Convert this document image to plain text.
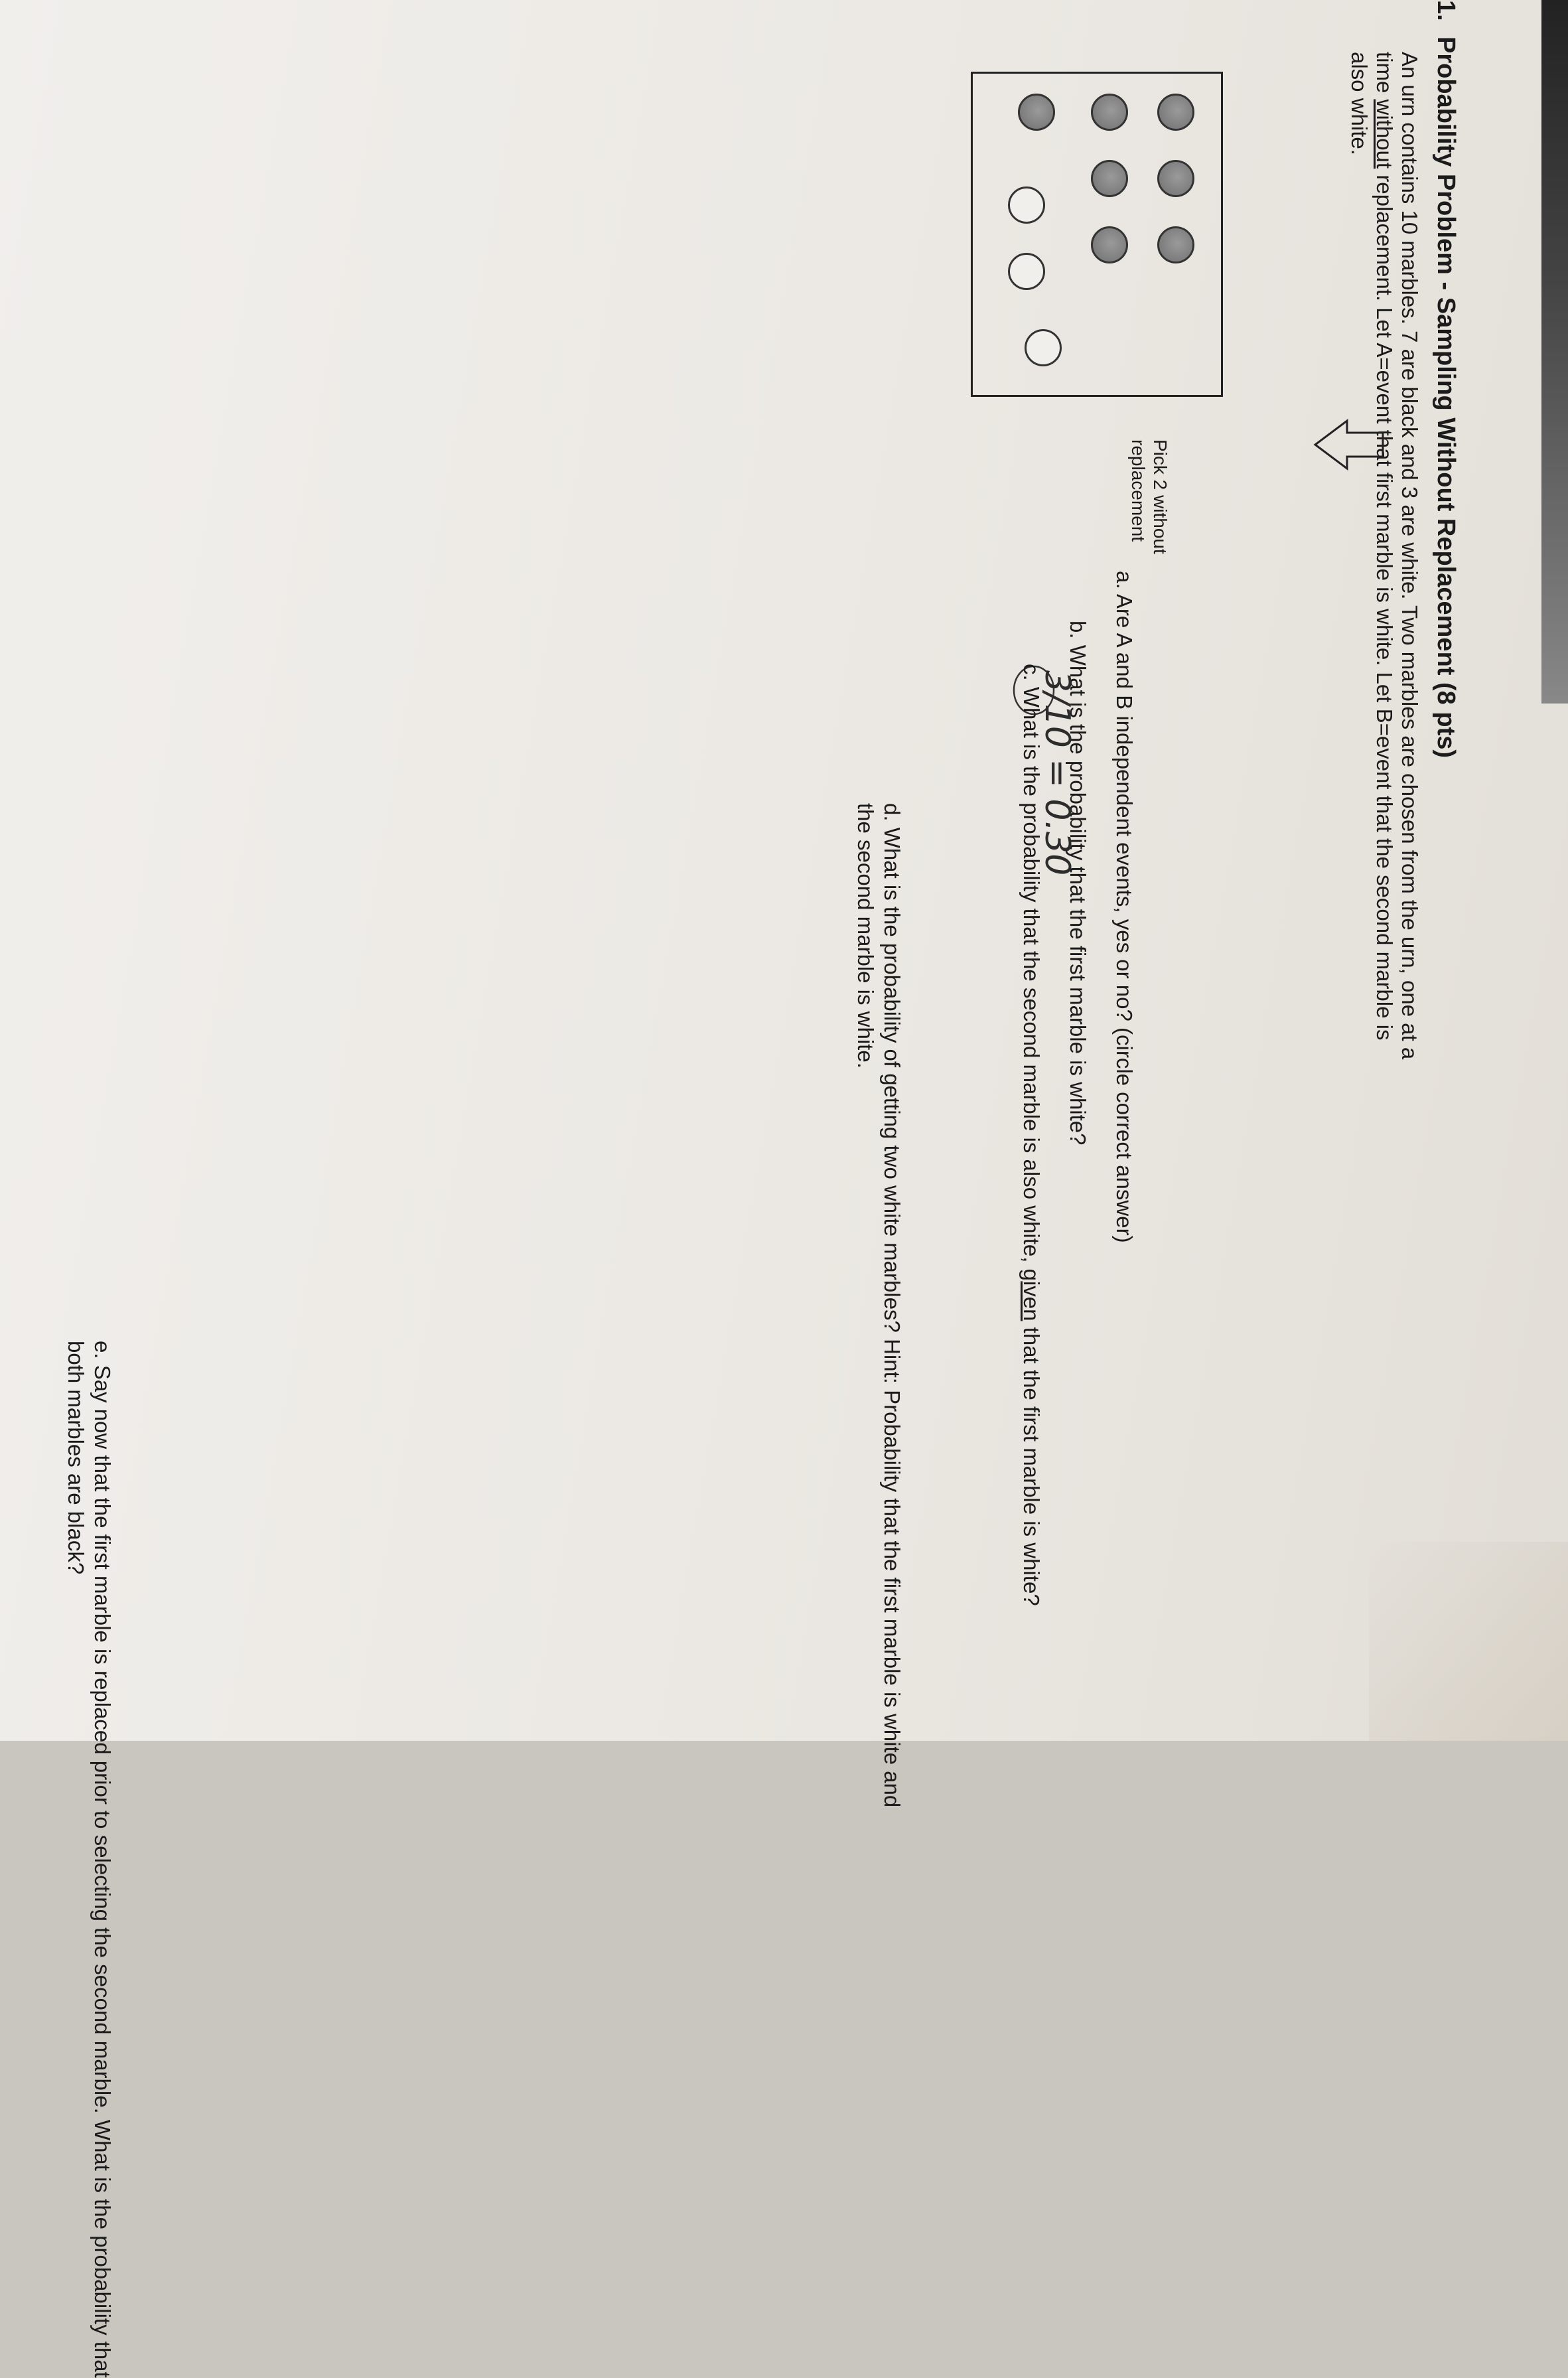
1.
Probability Problem - Sampling Without Replacement (8 pts)
An urn contains 10 marbles. 7 are black and 3 are white. Two marbles are chosen from the urn, one at a
time without replacement. Let A=event that first marble is white. Let B=event that the second marble is
also white.
Pick 2 without
replacement
a. Are A and B independent events, yes or no? (circle correct answer)
b. What is the probability that the first marble is white?
3/10 = 0.30
c. What is the probability that the second marble is also white, given that the first marble is white?
d. What is the probability of getting two white marbles? Hint: Probability that the first marble is white and
the second marble is white.
e. Say now that the first marble is replaced prior to selecting the second marble. What is the probability that
both marbles are black?
